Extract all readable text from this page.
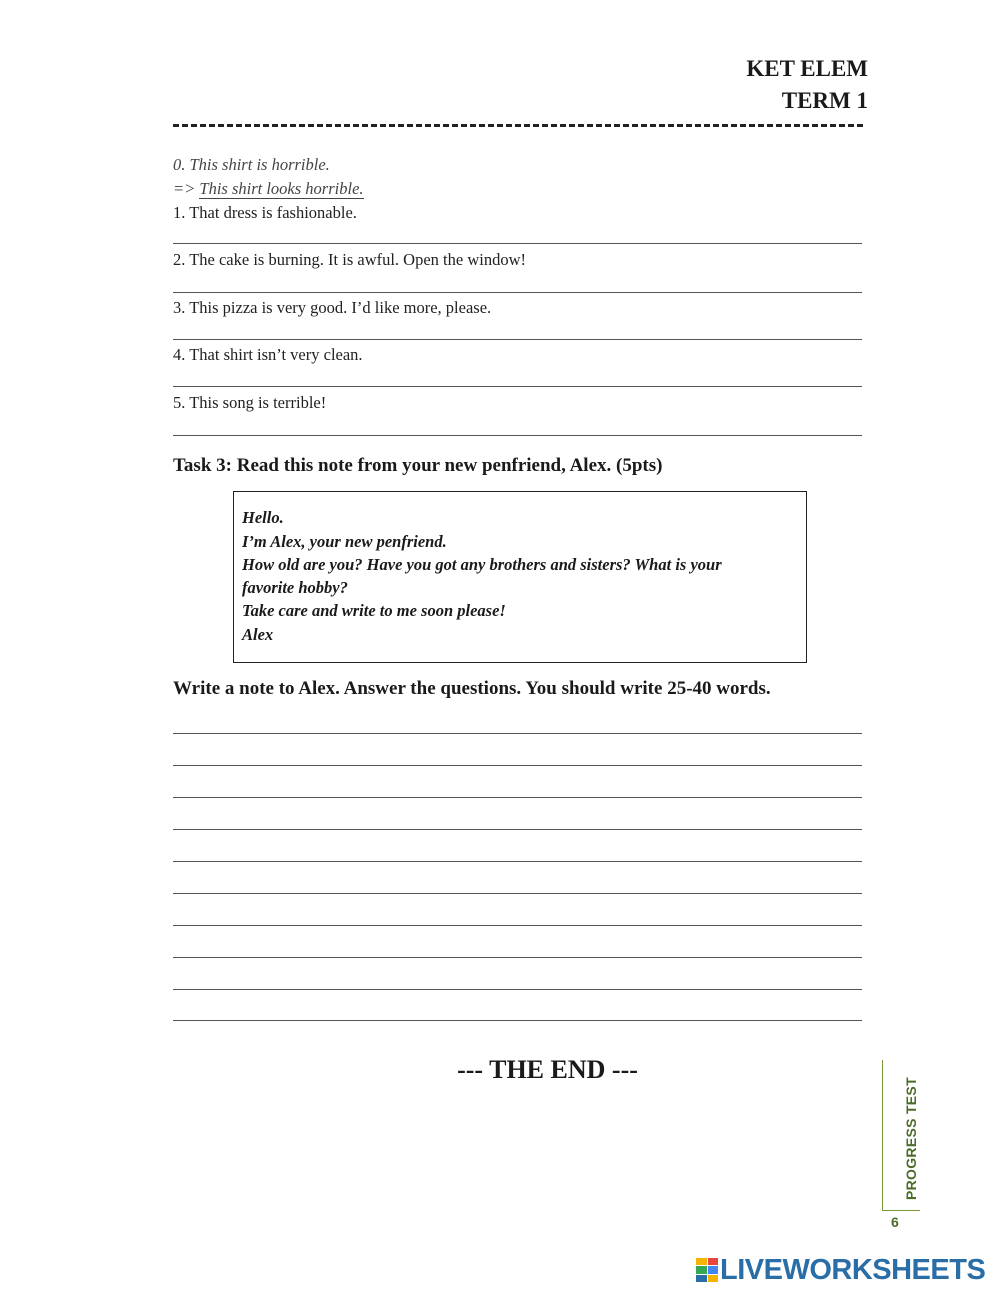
KET ELEM
TERM 1
0. This shirt is horrible.
=> This shirt looks horrible.
1. That dress is fashionable.
2. The cake is burning. It is awful. Open the window!
3. This pizza is very good. I’d like more, please.
4. That shirt isn’t very clean.
5. This song is terrible!
Task 3: Read this note from your new penfriend, Alex. (5pts)
Hello.
I’m Alex, your new penfriend.
How old are you? Have you got any brothers and sisters? What is your
favorite hobby?
Take care and write to me soon please!
Alex
Write a note to Alex. Answer the questions. You should write 25-40 words.
--- THE END ---
PROGRESS TEST
6
LIVEWORKSHEETS
